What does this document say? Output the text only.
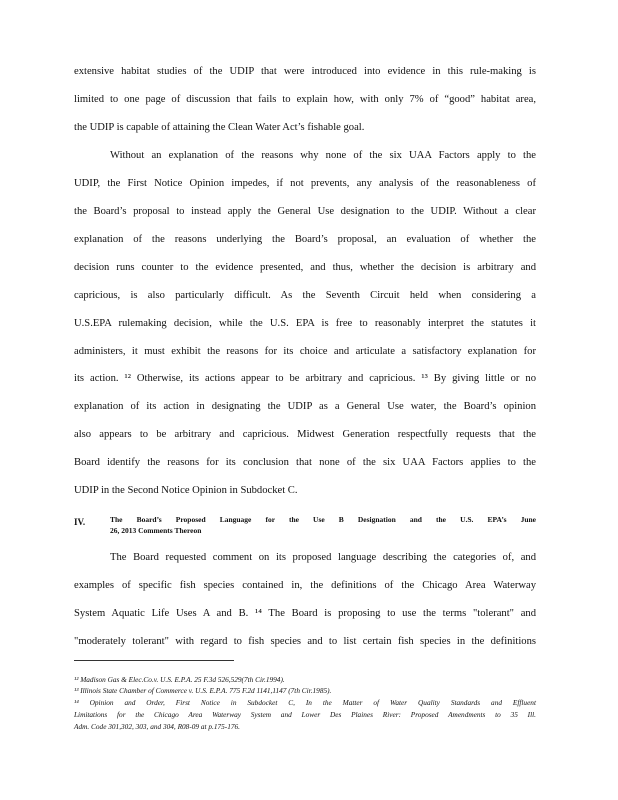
extensive habitat studies of the UDIP that were introduced into evidence in this rule-making is
limited to one page of discussion that fails to explain how, with only 7% of “good” habitat area,
the UDIP is capable of attaining the Clean Water Act’s fishable goal.
Without an explanation of the reasons why none of the six UAA Factors apply to the
UDIP, the First Notice Opinion impedes, if not prevents, any analysis of the reasonableness of
the Board’s proposal to instead apply the General Use designation to the UDIP. Without a clear
explanation of the reasons underlying the Board’s proposal, an evaluation of whether the
decision runs counter to the evidence presented, and thus, whether the decision is arbitrary and
capricious, is also particularly difficult. As the Seventh Circuit held when considering a
U.S.EPA rulemaking decision, while the U.S. EPA is free to reasonably interpret the statutes it
administers, it must exhibit the reasons for its choice and articulate a satisfactory explanation for
its action. ¹² Otherwise, its actions appear to be arbitrary and capricious. ¹³ By giving little or no
explanation of its action in designating the UDIP as a General Use water, the Board’s opinion
also appears to be arbitrary and capricious. Midwest Generation respectfully requests that the
Board identify the reasons for its conclusion that none of the six UAA Factors applies to the
UDIP in the Second Notice Opinion in Subdocket C.
IV.	The Board’s Proposed Language for the Use B Designation and the U.S. EPA’s June
26, 2013 Comments Thereon
The Board requested comment on its proposed language describing the categories of, and
examples of specific fish species contained in, the definitions of the Chicago Area Waterway
System Aquatic Life Uses A and B. ¹⁴ The Board is proposing to use the terms "tolerant" and
"moderately tolerant" with regard to fish species and to list certain fish species in the definitions
¹² Madison Gas & Elec.Co.v. U.S. E.P.A. 25 F.3d 526,529(7th Cir.1994).
¹³ Illinois State Chamber of Commerce v. U.S. E.P.A. 775 F.2d 1141,1147 (7th Cir.1985).
¹⁴ Opinion and Order, First Notice in Subdocket C, In the Matter of Water Quality Standards and Effluent
Limitations for the Chicago Area Waterway System and Lower Des Plaines River: Proposed Amendments to 35 Ill.
Adm. Code 301,302, 303, and 304, R08-09 at p.175-176.
